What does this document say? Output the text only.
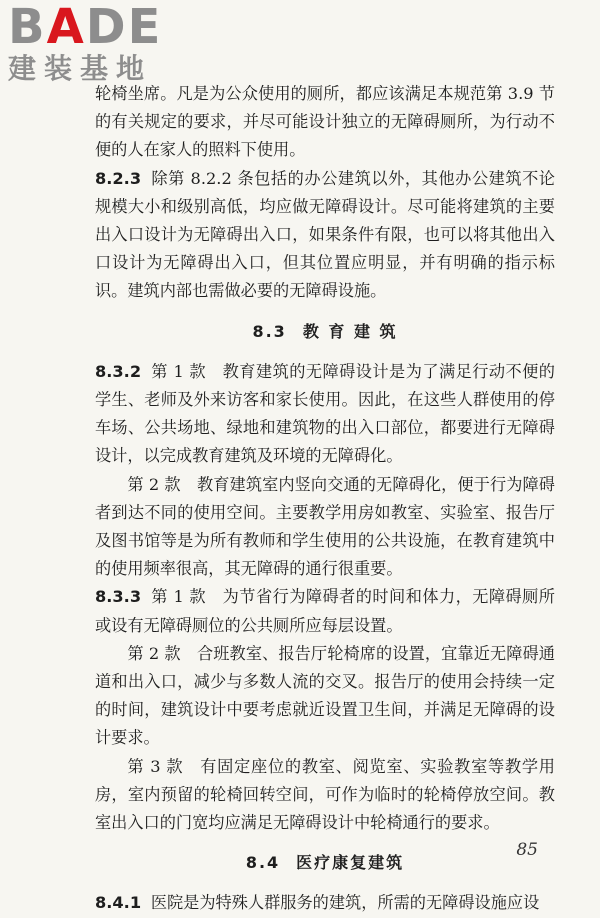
BADE
建装基地

轮椅坐席。凡是为公众使用的厕所，都应该满足本规范第 3.9 节的有关规定的要求，并尽可能设计独立的无障碍厕所，为行动不便的人在家人的照料下使用。

8.2.3 除第 8.2.2 条包括的办公建筑以外，其他办公建筑不论规模大小和级别高低，均应做无障碍设计。尽可能将建筑的主要出入口设计为无障碍出入口，如果条件有限，也可以将其他出入口设计为无障碍出入口，但其位置应明显，并有明确的指示标识。建筑内部也需做必要的无障碍设施。

8.3 教 育 建 筑

8.3.2 第 1 款　教育建筑的无障碍设计是为了满足行动不便的学生、老师及外来访客和家长使用。因此，在这些人群使用的停车场、公共场地、绿地和建筑物的出入口部位，都要进行无障碍设计，以完成教育建筑及环境的无障碍化。

第 2 款　教育建筑室内竖向交通的无障碍化，便于行为障碍者到达不同的使用空间。主要教学用房如教室、实验室、报告厅及图书馆等是为所有教师和学生使用的公共设施，在教育建筑中的使用频率很高，其无障碍的通行很重要。

8.3.3 第 1 款　为节省行为障碍者的时间和体力，无障碍厕所或设有无障碍厕位的公共厕所应每层设置。

第 2 款　合班教室、报告厅轮椅席的设置，宜靠近无障碍通道和出入口，减少与多数人流的交叉。报告厅的使用会持续一定的时间，建筑设计中要考虑就近设置卫生间，并满足无障碍的设计要求。

第 3 款　有固定座位的教室、阅览室、实验教室等教学用房，室内预留的轮椅回转空间，可作为临时的轮椅停放空间。教室出入口的门宽均应满足无障碍设计中轮椅通行的要求。

8.4 医疗康复建筑

8.4.1 医院是为特殊人群服务的建筑，所需的无障碍设施应设

85
